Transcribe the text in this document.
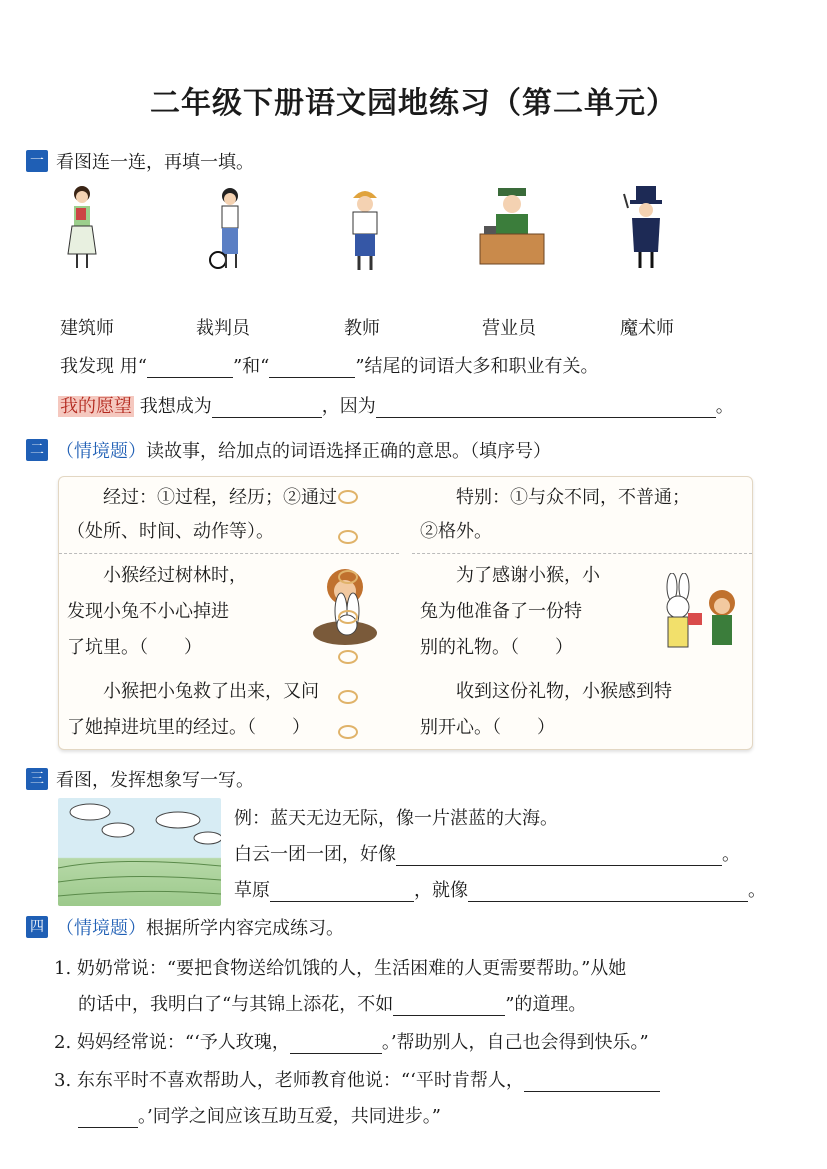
二年级下册语文园地练习（第二单元）
一 看图连一连，再填一填。
建筑师	裁判员	教师	营业员	魔术师
我发现 用“	”和“	”结尾的词语大多和职业有关。
我的愿望 我想成为	，因为	。
二 （情境题）读故事，给加点的词语选择正确的意思。（填序号）
经过：①过程，经历；②通过
（处所、时间、动作等）。
小猴经过树林时，
发现小兔不小心掉进
了坑里。（　　）
小猴把小兔救了出来，又问
了她掉进坑里的经过。（　　）
特别：①与众不同，不普通；
②格外。
为了感谢小猴，小
兔为他准备了一份特
别的礼物。（　　）
收到这份礼物，小猴感到特
别开心。（　　）
三 看图，发挥想象写一写。
例：蓝天无边无际，像一片湛蓝的大海。
白云一团一团，好像	。
草原	，就像	。
四 （情境题）根据所学内容完成练习。
1. 奶奶常说：“要把食物送给饥饿的人，生活困难的人更需要帮助。”从她
的话中，我明白了“与其锦上添花，不如	”的道理。
2. 妈妈经常说：“‘予人玫瑰，	。’帮助别人，自己也会得到快乐。”
3. 东东平时不喜欢帮助人，老师教育他说：“‘平时肯帮人，
。’同学之间应该互助互爱，共同进步。”
